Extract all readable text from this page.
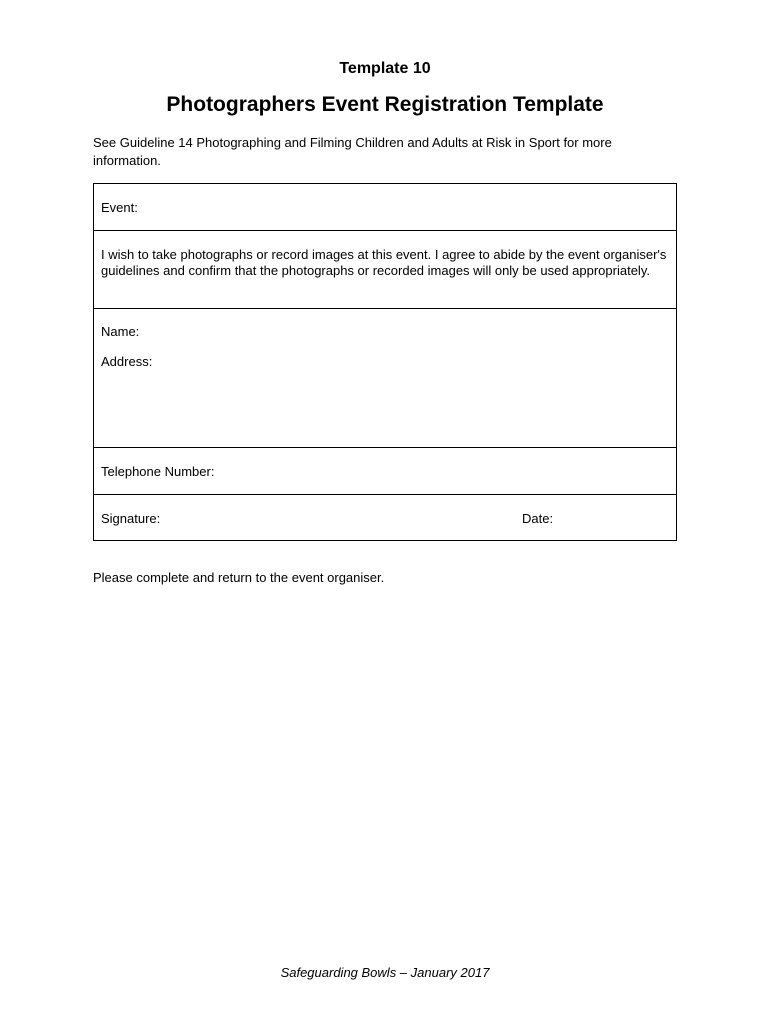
Template 10
Photographers Event Registration Template
See Guideline 14 Photographing and Filming Children and Adults at Risk in Sport for more information.
Event:
I wish to take photographs or record images at this event. I agree to abide by the event organiser's guidelines and confirm that the photographs or recorded images will only be used appropriately.
Name:
Address:
Telephone Number:
Signature:	Date:
Please complete and return to the event organiser.
Safeguarding Bowls – January 2017
